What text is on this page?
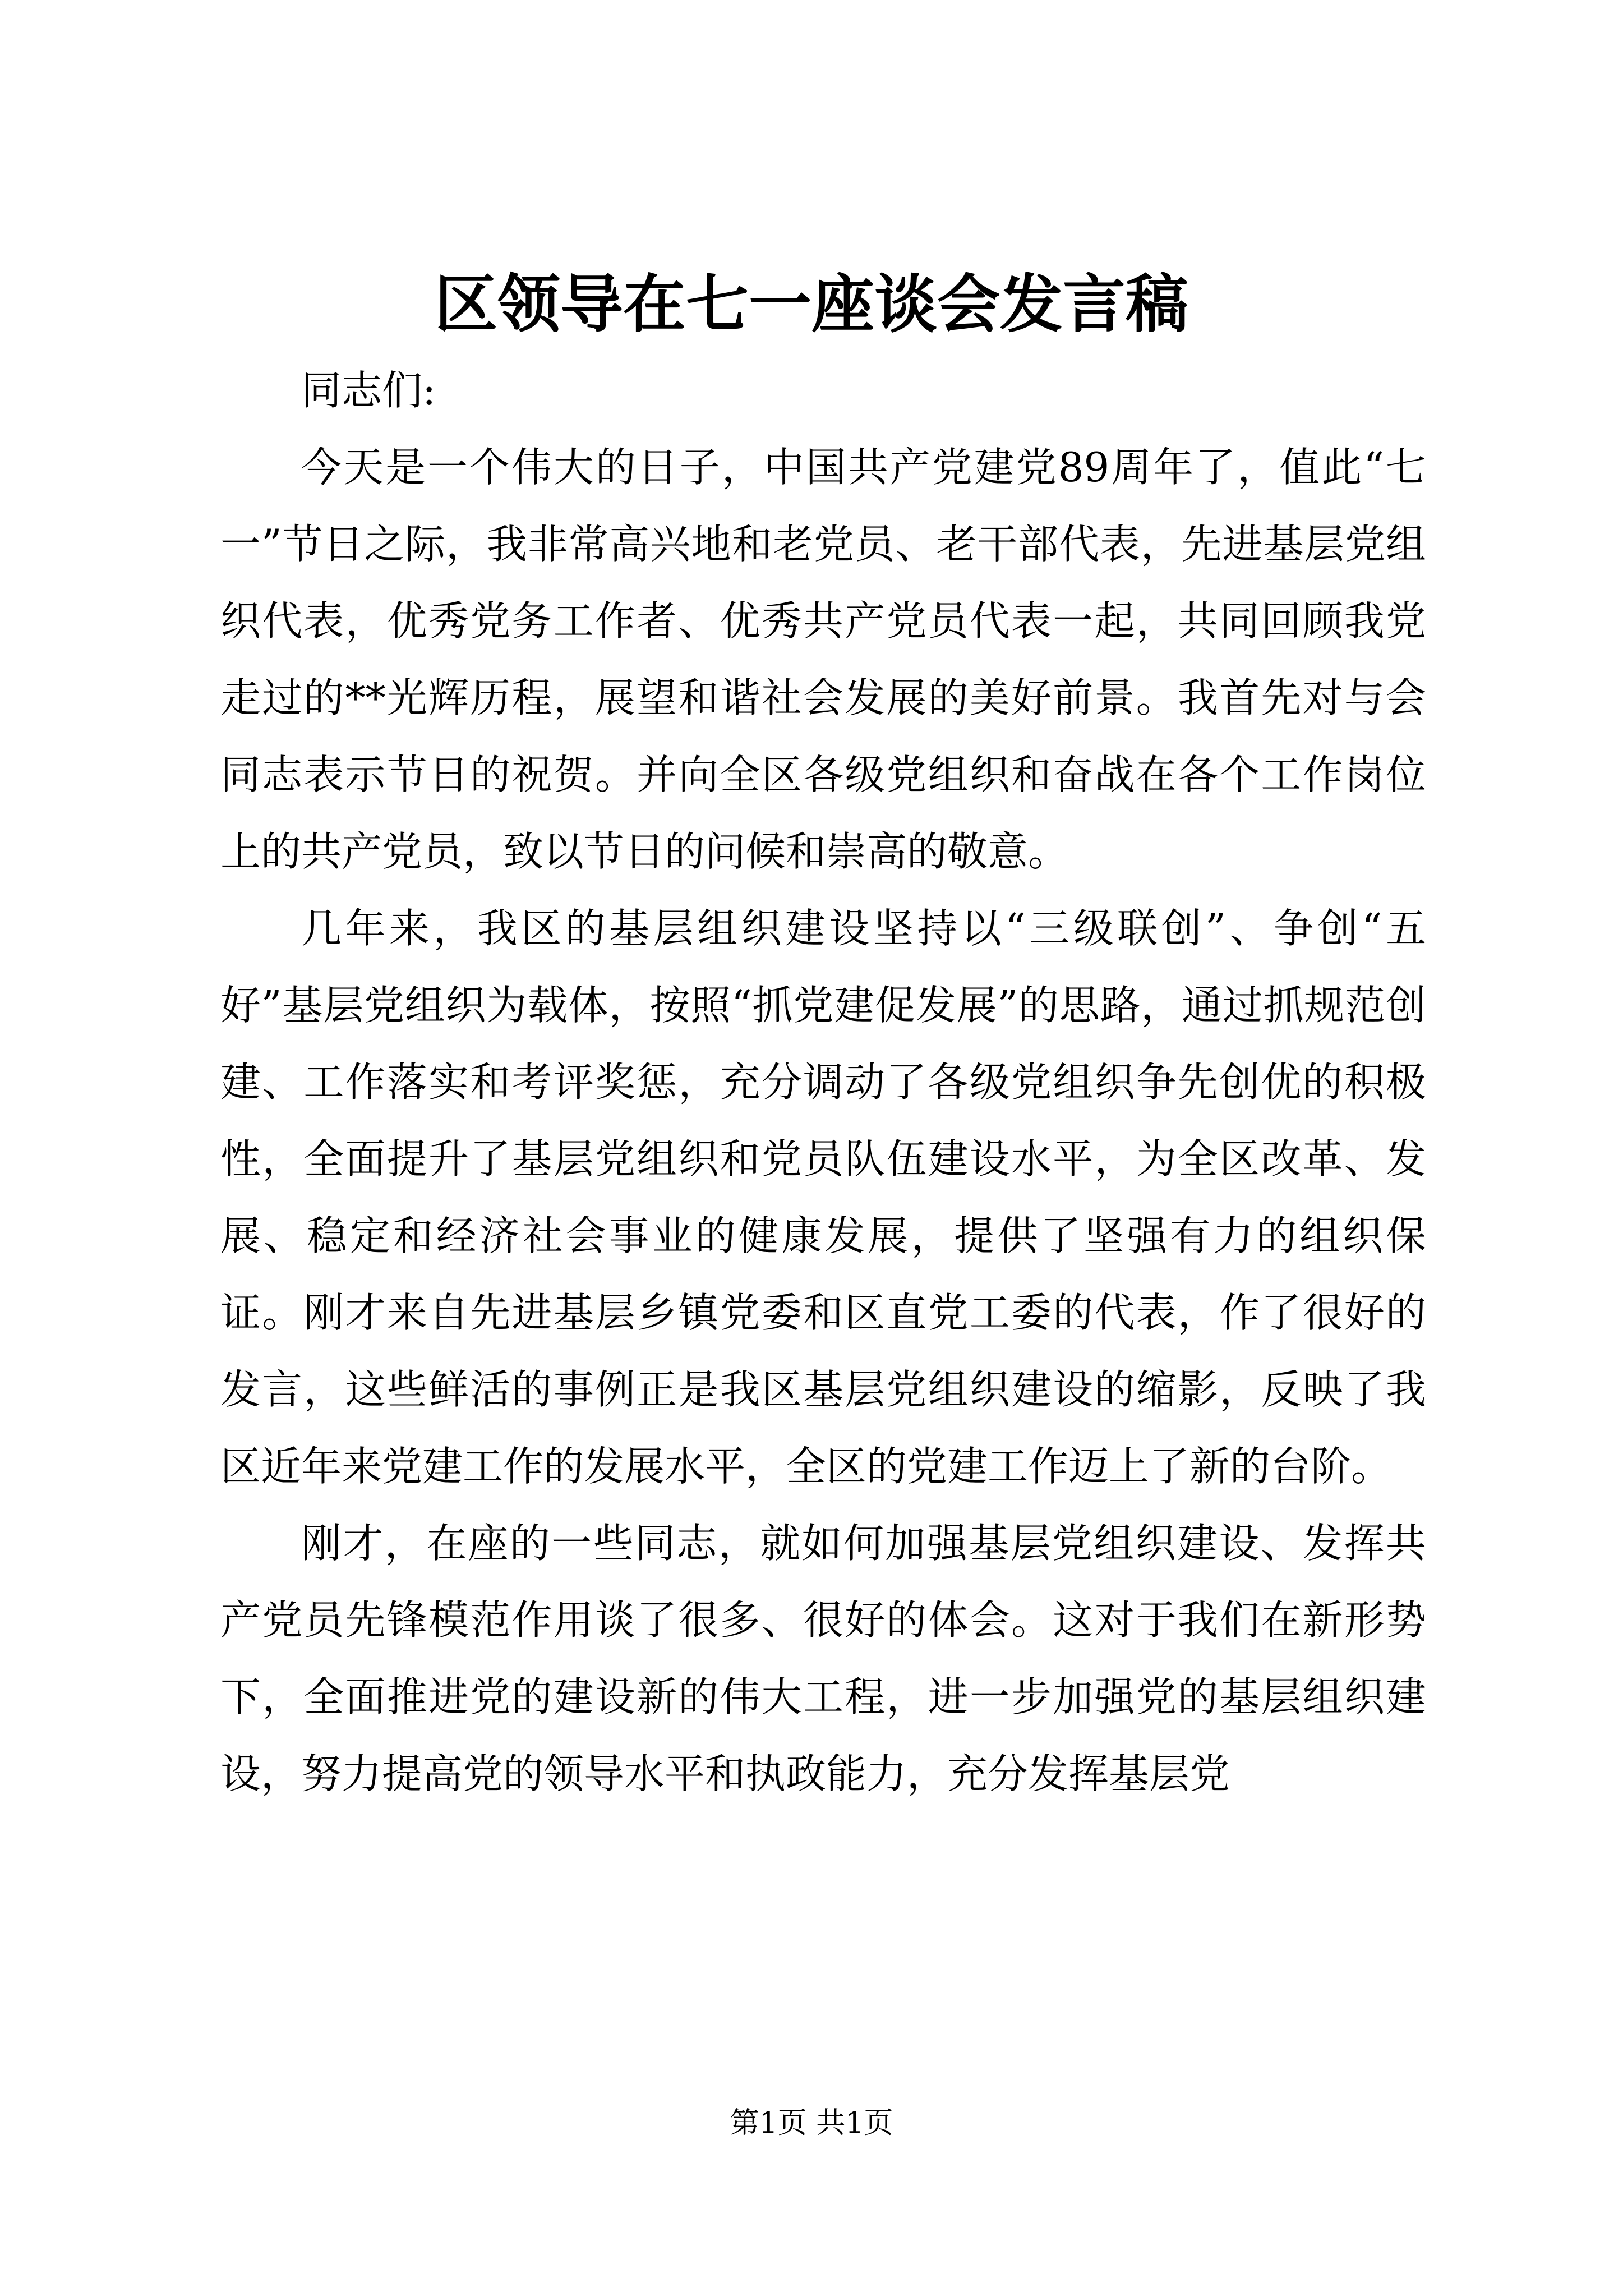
区领导在七一座谈会发言稿

同志们:

今天是一个伟大的日子，中国共产党建党89周年了，值此“七一”节日之际，我非常高兴地和老党员、老干部代表，先进基层党组织代表，优秀党务工作者、优秀共产党员代表一起，共同回顾我党走过的**光辉历程，展望和谐社会发展的美好前景。我首先对与会同志表示节日的祝贺。并向全区各级党组织和奋战在各个工作岗位上的共产党员，致以节日的问候和崇高的敬意。

几年来，我区的基层组织建设坚持以“三级联创”、争创“五好”基层党组织为载体，按照“抓党建促发展”的思路，通过抓规范创建、工作落实和考评奖惩，充分调动了各级党组织争先创优的积极性，全面提升了基层党组织和党员队伍建设水平，为全区改革、发展、稳定和经济社会事业的健康发展，提供了坚强有力的组织保证。刚才来自先进基层乡镇党委和区直党工委的代表，作了很好的发言，这些鲜活的事例正是我区基层党组织建设的缩影，反映了我区近年来党建工作的发展水平，全区的党建工作迈上了新的台阶。

刚才，在座的一些同志，就如何加强基层党组织建设、发挥共产党员先锋模范作用谈了很多、很好的体会。这对于我们在新形势下，全面推进党的建设新的伟大工程，进一步加强党的基层组织建设，努力提高党的领导水平和执政能力，充分发挥基层党

第1页 共1页
